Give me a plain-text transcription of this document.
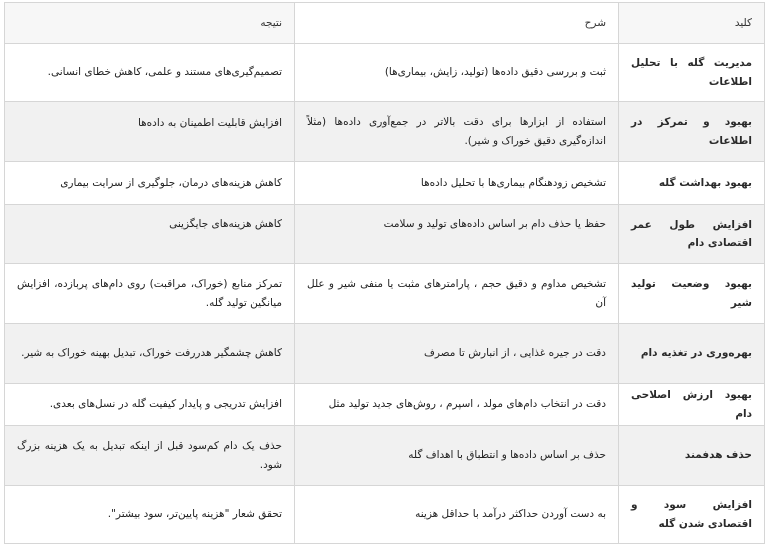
کلید	شرح	نتیجه
مدیریت گله با تحلیل اطلاعات	ثبت و بررسی دقیق داده‌ها (تولید، زایش، بیماری‌ها)	تصمیم‌گیری‌های مستند و علمی، کاهش خطای انسانی.
بهبود و تمرکز در اطلاعات	استفاده از ابزارها برای دقت بالاتر در جمع‌آوری داده‌ها (مثلاً اندازه‌گیری دقیق خوراک و شیر).	افزایش قابلیت اطمینان به داده‌ها
بهبود بهداشت گله	تشخیص زودهنگام بیماری‌ها با تحلیل داده‌ها	کاهش هزینه‌های درمان، جلوگیری از سرایت بیماری
افزایش طول عمر اقتصادی دام	حفظ یا حذف دام بر اساس داده‌های تولید و سلامت	کاهش هزینه‌های جایگزینی
بهبود وضعیت تولید شیر	تشخیص مداوم و دقیق حجم ، پارامترهای مثبت یا منفی شیر و علل آن	تمرکز منابع (خوراک، مراقبت) روی دام‌های پربازده، افزایش میانگین تولید گله.
بهره‌وری در تغذیه دام	دقت در جیره غذایی ، از انبارش تا مصرف	کاهش چشمگیر هدررفت خوراک، تبدیل بهینه خوراک به شیر.
بهبود ارزش اصلاحی دام	دقت در انتخاب دام‌های مولد ، اسپرم ، روش‌های جدید تولید مثل	افزایش تدریجی و پایدار کیفیت گله در نسل‌های بعدی.
حذف هدفمند	حذف بر اساس داده‌ها و انتطباق با اهداف گله	حذف یک دام کم‌سود قبل از اینکه تبدیل به یک هزینه بزرگ شود.
افزایش سود و اقتصادی شدن گله	به دست آوردن حداکثر درآمد با حداقل هزینه	تحقق شعار "هزینه پایین‌تر، سود بیشتر".
